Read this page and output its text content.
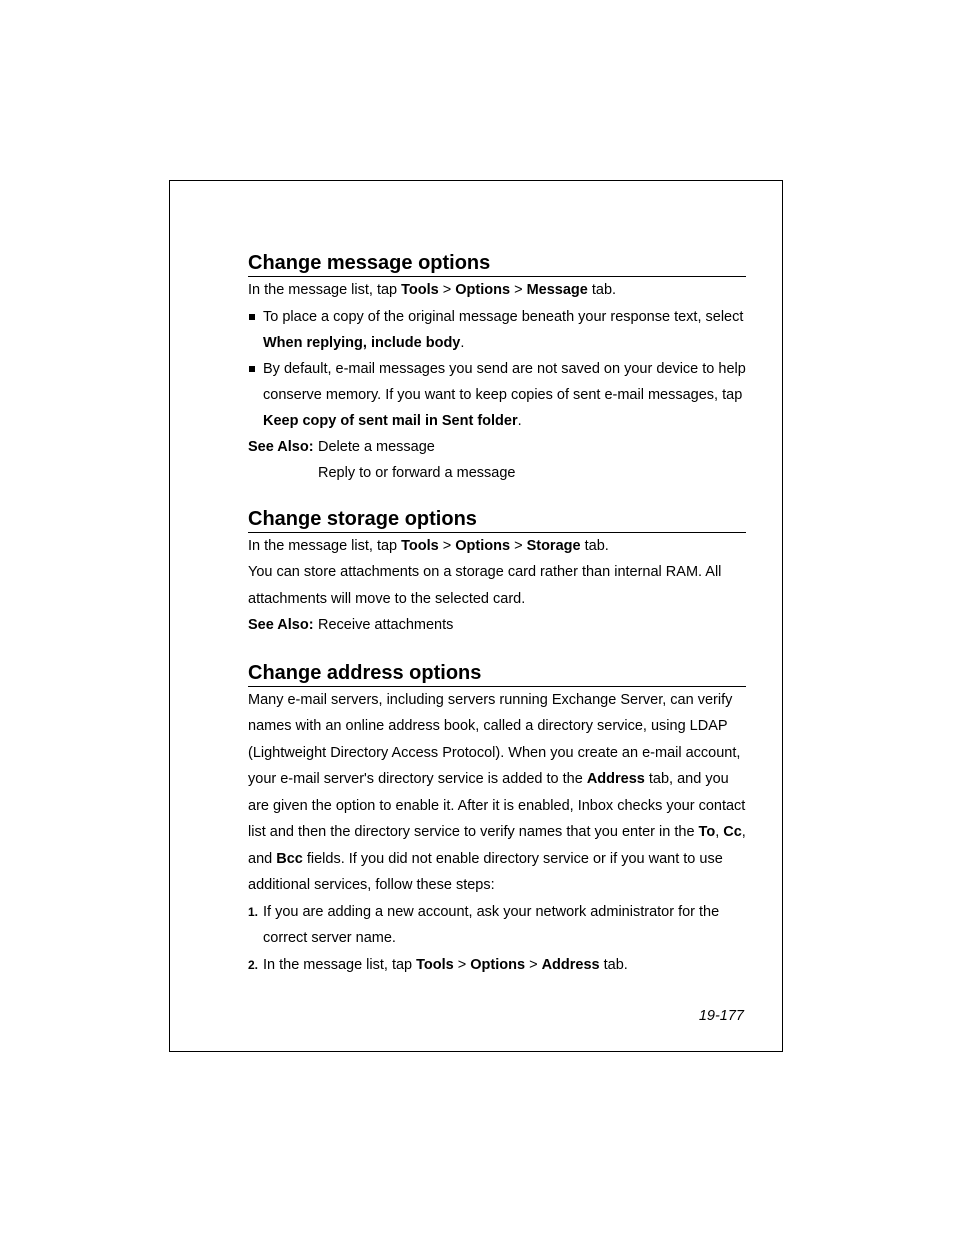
Change message options

In the message list, tap Tools > Options > Message tab.

To place a copy of the original message beneath your response text, select When replying, include body.

By default, e-mail messages you send are not saved on your device to help conserve memory. If you want to keep copies of sent e-mail messages, tap Keep copy of sent mail in Sent folder.

See Also: Delete a message
Reply to or forward a message
Change storage options

In the message list, tap Tools > Options > Storage tab.

You can store attachments on a storage card rather than internal RAM. All attachments will move to the selected card.

See Also: Receive attachments
Change address options

Many e-mail servers, including servers running Exchange Server, can verify names with an online address book, called a directory service, using LDAP (Lightweight Directory Access Protocol). When you create an e-mail account, your e-mail server's directory service is added to the Address tab, and you are given the option to enable it. After it is enabled, Inbox checks your contact list and then the directory service to verify names that you enter in the To, Cc, and Bcc fields. If you did not enable directory service or if you want to use additional services, follow these steps:

1. If you are adding a new account, ask your network administrator for the correct server name.

2. In the message list, tap Tools > Options > Address tab.

19-177
